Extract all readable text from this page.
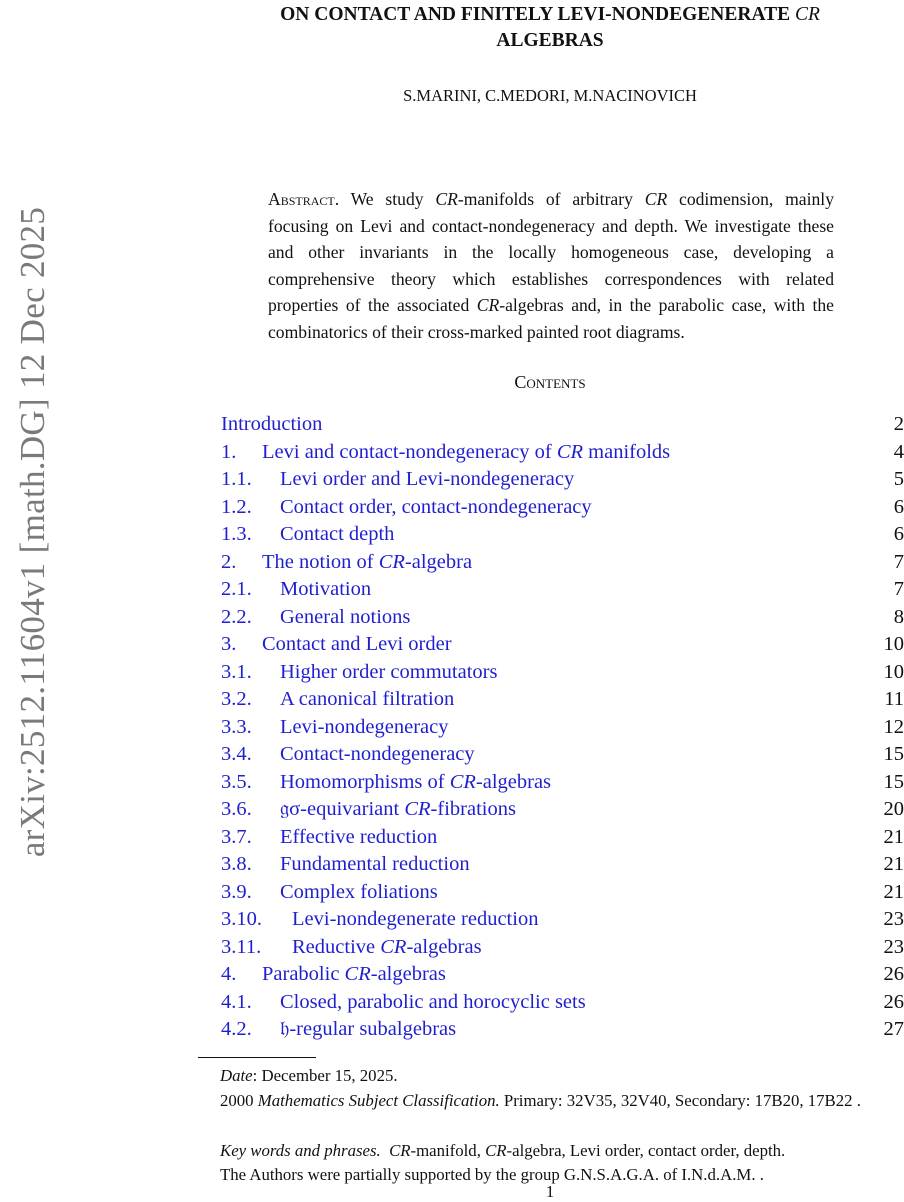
arXiv:2512.11604v1 [math.DG] 12 Dec 2025
ON CONTACT AND FINITELY LEVI-NONDEGENERATE CR
ALGEBRAS
S.MARINI, C.MEDORI, M.NACINOVICH
Abstract. We study CR-manifolds of arbitrary CR codimension, mainly focusing on Levi and contact-nondegeneracy and depth. We investigate these and other invariants in the locally homogeneous case, developing a comprehensive theory which establishes correspondences with related properties of the associated CR-algebras and, in the parabolic case, with the combinatorics of their cross-marked painted root diagrams.
Contents
Introduction	2
1. Levi and contact-nondegeneracy of CR manifolds	4
1.1. Levi order and Levi-nondegeneracy	5
1.2. Contact order, contact-nondegeneracy	6
1.3. Contact depth	6
2. The notion of CR-algebra	7
2.1. Motivation	7
2.2. General notions	8
3. Contact and Levi order	10
3.1. Higher order commutators	10
3.2. A canonical filtration	11
3.3. Levi-nondegeneracy	12
3.4. Contact-nondegeneracy	15
3.5. Homomorphisms of CR-algebras	15
3.6. 𝔤σ-equivariant CR-fibrations	20
3.7. Effective reduction	21
3.8. Fundamental reduction	21
3.9. Complex foliations	21
3.10. Levi-nondegenerate reduction	23
3.11. Reductive CR-algebras	23
4. Parabolic CR-algebras	26
4.1. Closed, parabolic and horocyclic sets	26
4.2. 𝔥-regular subalgebras	27
Date: December 15, 2025.
2000 Mathematics Subject Classification. Primary: 32V35, 32V40, Secondary: 17B20, 17B22 .
Key words and phrases. CR-manifold, CR-algebra, Levi order, contact order, depth.
The Authors were partially supported by the group G.N.S.A.G.A. of I.N.d.A.M. .
1
